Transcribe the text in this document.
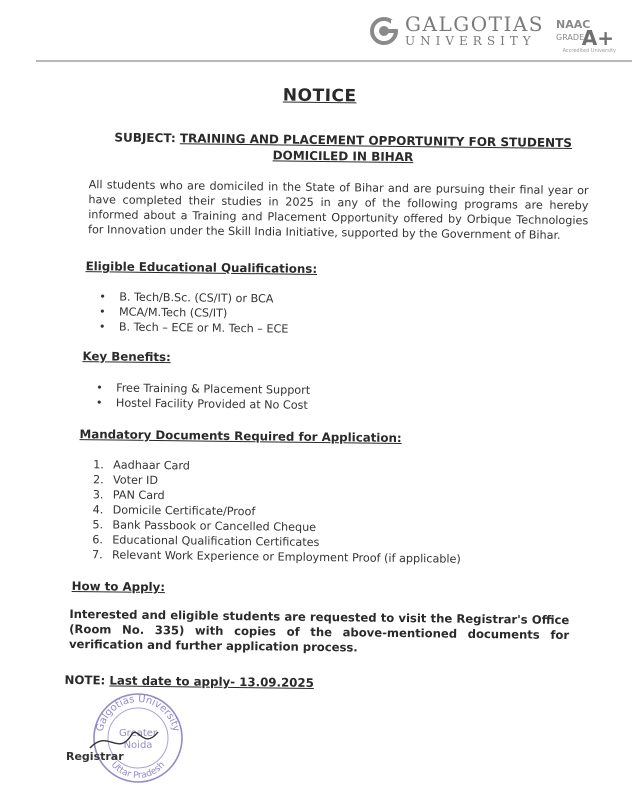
GALGOTIAS
UNIVERSITY
NAAC
GRADE
A+
Accredited University
NOTICE
SUBJECT: TRAINING AND PLACEMENT OPPORTUNITY FOR STUDENTS
DOMICILED IN BIHAR
All students who are domiciled in the State of Bihar and are pursuing their final year or have completed their studies in 2025 in any of the following programs are hereby informed about a Training and Placement Opportunity offered by Orbique Technologies for Innovation under the Skill India Initiative, supported by the Government of Bihar.
Eligible Educational Qualifications:
• B. Tech/B.Sc. (CS/IT) or BCA
• MCA/M.Tech (CS/IT)
• B. Tech – ECE or M. Tech – ECE
Key Benefits:
• Free Training & Placement Support
• Hostel Facility Provided at No Cost
Mandatory Documents Required for Application:
1. Aadhaar Card
2. Voter ID
3. PAN Card
4. Domicile Certificate/Proof
5. Bank Passbook or Cancelled Cheque
6. Educational Qualification Certificates
7. Relevant Work Experience or Employment Proof (if applicable)
How to Apply:
Interested and eligible students are requested to visit the Registrar's Office (Room No. 335) with copies of the above-mentioned documents for verification and further application process.
NOTE: Last date to apply- 13.09.2025
Galgotias University
Uttar Pradesh
Greater
Noida
Registrar
